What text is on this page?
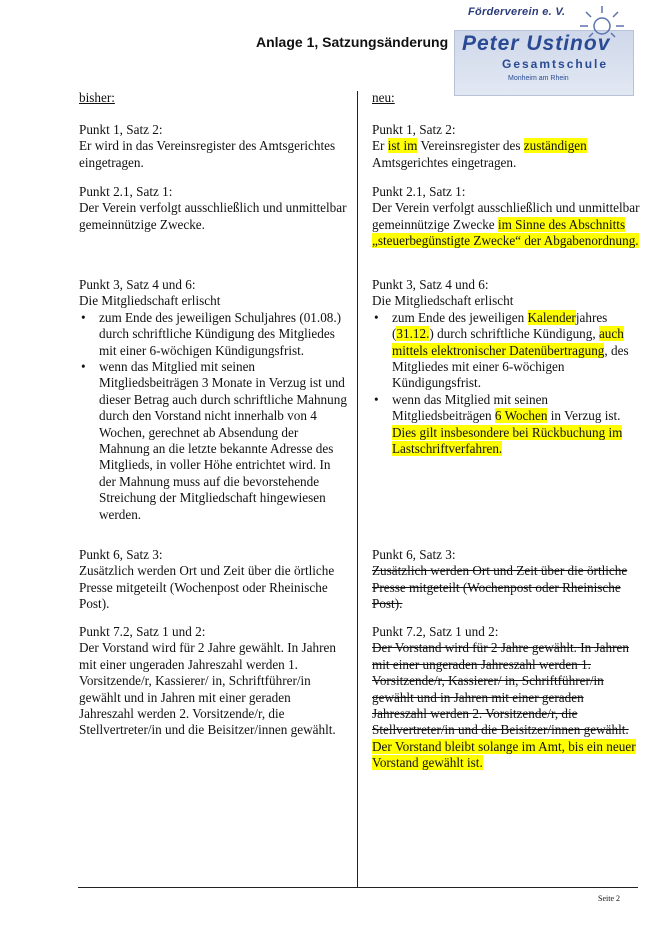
Anlage 1, Satzungsänderung
Förderverein e. V.
Peter Ustinov
Gesamtschule
Monheim am Rhein
bisher:

Punkt 1, Satz 2:

Er wird in das Vereinsregister des Amtsgerichtes eingetragen.

Punkt 2.1, Satz 1:

Der Verein verfolgt ausschließlich und unmittelbar gemeinnützige Zwecke.

Punkt 3, Satz 4 und 6:

Die Mitgliedschaft erlischt

• zum Ende des jeweiligen Schuljahres (01.08.) durch schriftliche Kündigung des Mitgliedes mit einer 6-wöchigen Kündigungsfrist.
• wenn das Mitglied mit seinen Mitgliedsbeiträgen 3 Monate in Verzug ist und dieser Betrag auch durch schriftliche Mahnung durch den Vorstand nicht innerhalb von 4 Wochen, gerechnet ab Absendung der Mahnung an die letzte bekannte Adresse des Mitglieds, in voller Höhe entrichtet wird. In der Mahnung muss auf die bevorstehende Streichung der Mitgliedschaft hingewiesen werden.

Punkt 6, Satz 3:

Zusätzlich werden Ort und Zeit über die örtliche Presse mitgeteilt (Wochenpost oder Rheinische Post).

Punkt 7.2, Satz 1 und 2:

Der Vorstand wird für 2 Jahre gewählt. In Jahren mit einer ungeraden Jahreszahl werden 1. Vorsitzende/r, Kassierer/ in, Schriftführer/in gewählt und in Jahren mit einer geraden Jahreszahl werden 2. Vorsitzende/r, die Stellvertreter/in und die Beisitzer/innen gewählt.

neu:

Punkt 1, Satz 2:

Er ist im Vereinsregister des zuständigen Amtsgerichtes eingetragen.

Punkt 2.1, Satz 1:

Der Verein verfolgt ausschließlich und unmittelbar gemeinnützige Zwecke im Sinne des Abschnitts „steuerbegünstigte Zwecke“ der Abgabenordnung.

Punkt 3, Satz 4 und 6:

Die Mitgliedschaft erlischt

• zum Ende des jeweiligen Kalenderjahres (31.12.) durch schriftliche Kündigung, auch mittels elektronischer Datenübertragung, des Mitgliedes mit einer 6-wöchigen Kündigungsfrist.
• wenn das Mitglied mit seinen Mitgliedsbeiträgen 6 Wochen in Verzug ist. Dies gilt insbesondere bei Rückbuchung im Lastschriftverfahren.

Punkt 6, Satz 3:

Zusätzlich werden Ort und Zeit über die örtliche Presse mitgeteilt (Wochenpost oder Rheinische Post).

Punkt 7.2, Satz 1 und 2:

Der Vorstand wird für 2 Jahre gewählt. In Jahren mit einer ungeraden Jahreszahl werden 1. Vorsitzende/r, Kassierer/ in, Schriftführer/in gewählt und in Jahren mit einer geraden Jahreszahl werden 2. Vorsitzende/r, die Stellvertreter/in und die Beisitzer/innen gewählt. Der Vorstand bleibt solange im Amt, bis ein neuer Vorstand gewählt ist.

Seite 2
